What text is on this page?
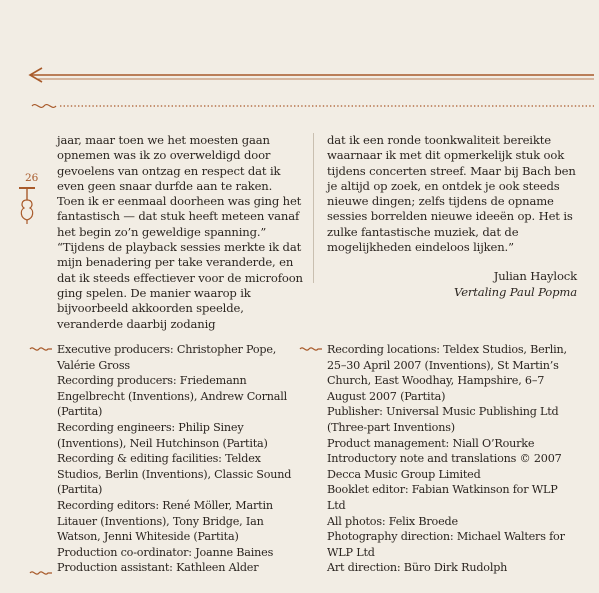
26

jaar, maar toen we het moesten gaan opnemen was ik zo overweldigd door gevoelens van ontzag en respect dat ik even geen snaar durfde aan te raken. Toen ik er eenmaal doorheen was ging het fantastisch — dat stuk heeft meteen vanaf het begin zo’n geweldige spanning.”

“Tijdens de playback sessies merkte ik dat mijn benadering per take veranderde, en dat ik steeds effectiever voor de microfoon ging spelen. De manier waarop ik bijvoorbeeld akkoorden speelde, veranderde daarbij zodanig

dat ik een ronde toonkwaliteit bereikte waarnaar ik met dit opmerkelijk stuk ook tijdens concerten streef. Maar bij Bach ben je altijd op zoek, en ontdek je ook steeds nieuwe dingen; zelfs tijdens de opname sessies borrelden nieuwe ideeën op. Het is zulke fantastische muziek, dat de mogelijkheden eindeloos lijken.”

Julian Haylock
Vertaling Paul Popma

Executive producers: Christopher Pope, Valérie Gross

Recording producers: Friedemann Engelbrecht (Inventions), Andrew Cornall (Partita)

Recording engineers: Philip Siney (Inventions), Neil Hutchinson (Partita)

Recording & editing facilities: Teldex Studios, Berlin (Inventions), Classic Sound (Partita)

Recording editors: René Möller, Martin Litauer (Inventions), Tony Bridge, Ian Watson, Jenni Whiteside (Partita)

Production co-ordinator: Joanne Baines

Production assistant: Kathleen Alder

Recording locations: Teldex Studios, Berlin, 25–30 April 2007 (Inventions), St Martin’s Church, East Woodhay, Hampshire, 6–7 August 2007 (Partita)

Publisher: Universal Music Publishing Ltd (Three-part Inventions)

Product management: Niall O’Rourke

Introductory note and translations © 2007 Decca Music Group Limited

Booklet editor: Fabian Watkinson for WLP Ltd

All photos: Felix Broede

Photography direction: Michael Walters for WLP Ltd

Art direction: Büro Dirk Rudolph
